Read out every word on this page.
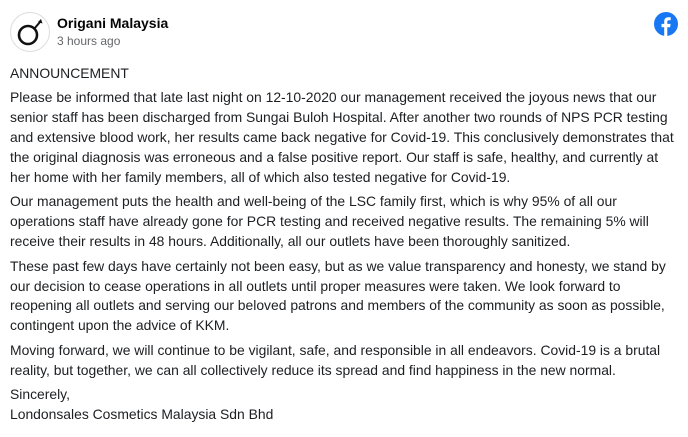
Origani Malaysia
3 hours ago

ANNOUNCEMENT

Please be informed that late last night on 12-10-2020 our management received the joyous news that our
senior staff has been discharged from Sungai Buloh Hospital. After another two rounds of NPS PCR testing
and extensive blood work, her results came back negative for Covid-19. This conclusively demonstrates that
the original diagnosis was erroneous and a false positive report. Our staff is safe, healthy, and currently at
her home with her family members, all of which also tested negative for Covid-19.

Our management puts the health and well-being of the LSC family first, which is why 95% of all our
operations staff have already gone for PCR testing and received negative results. The remaining 5% will
receive their results in 48 hours. Additionally, all our outlets have been thoroughly sanitized.

These past few days have certainly not been easy, but as we value transparency and honesty, we stand by
our decision to cease operations in all outlets until proper measures were taken. We look forward to
reopening all outlets and serving our beloved patrons and members of the community as soon as possible,
contingent upon the advice of KKM.

Moving forward, we will continue to be vigilant, safe, and responsible in all endeavors. Covid-19 is a brutal
reality, but together, we can all collectively reduce its spread and find happiness in the new normal.

Sincerely,
Londonsales Cosmetics Malaysia Sdn Bhd
